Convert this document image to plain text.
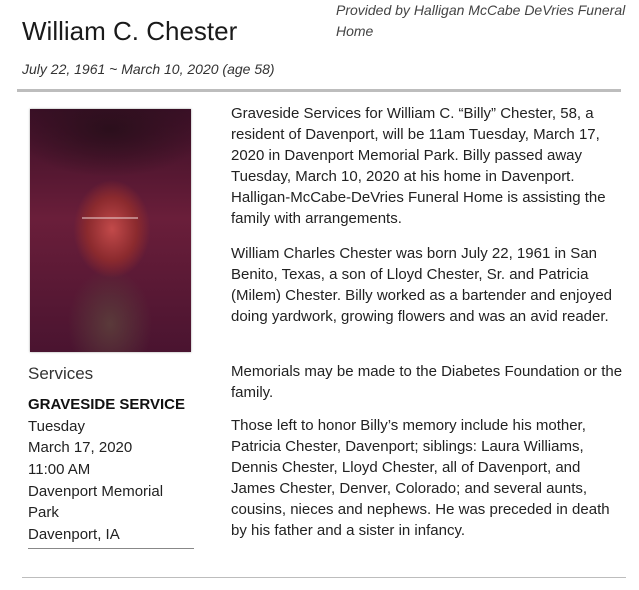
William C. Chester
Provided by Halligan McCabe DeVries Funeral Home
July 22, 1961 ~ March 10, 2020 (age 58)
Services
GRAVESIDE SERVICE
Tuesday
March 17, 2020
11:00 AM
Davenport Memorial
Park
Davenport, IA

Graveside Services for William C. “Billy” Chester, 58, a resident of Davenport, will be 11am Tuesday, March 17, 2020 in Davenport Memorial Park. Billy passed away Tuesday, March 10, 2020 at his home in Davenport. Halligan-McCabe-DeVries Funeral Home is assisting the family with arrangements.

William Charles Chester was born July 22, 1961 in San Benito, Texas, a son of Lloyd Chester, Sr. and Patricia (Milem) Chester. Billy worked as a bartender and enjoyed doing yardwork, growing flowers and was an avid reader.

Memorials may be made to the Diabetes Foundation or the family.

Those left to honor Billy’s memory include his mother, Patricia Chester, Davenport; siblings: Laura Williams, Dennis Chester, Lloyd Chester, all of Davenport, and James Chester, Denver, Colorado; and several aunts, cousins, nieces and nephews. He was preceded in death by his father and a sister in infancy.
